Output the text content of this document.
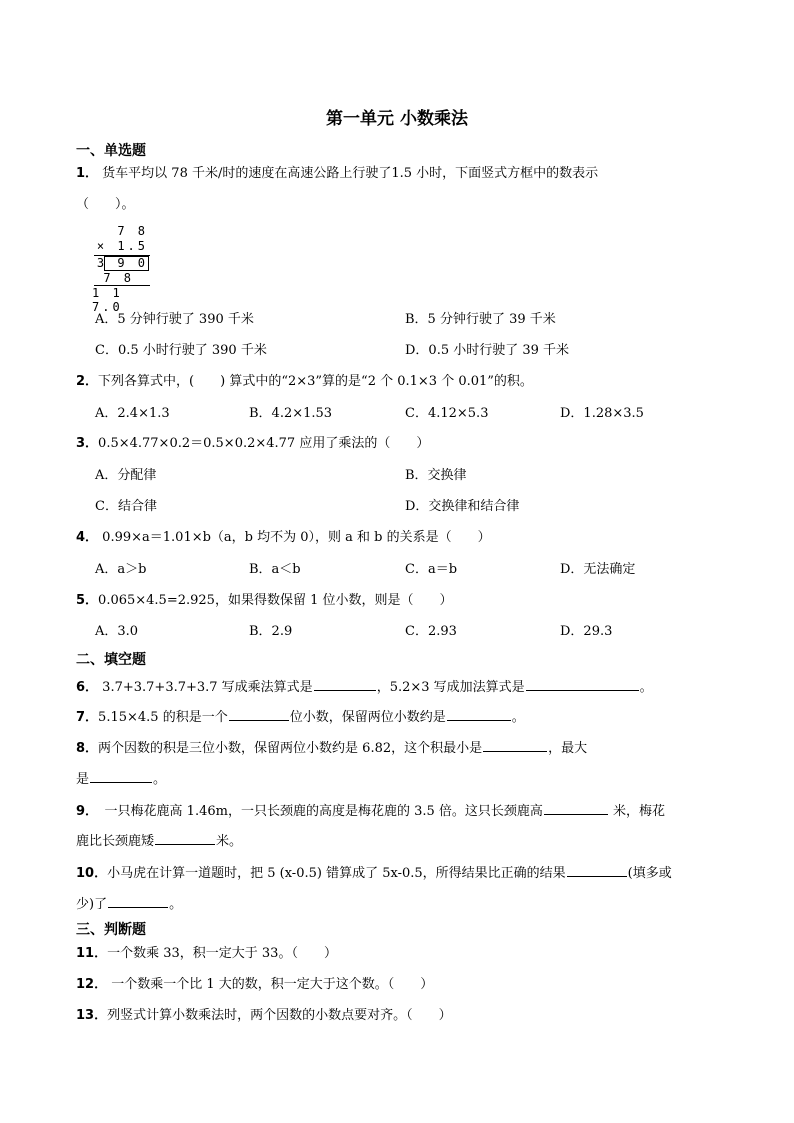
第一单元 小数乘法
一、单选题
1． 货车平均以 78 千米/时的速度在高速公路上行驶了1.5 小时，下面竖式方框中的数表示
（　　）。
7 8
× 1.5
3 9 0
7 8
1 1 7.0
A．5 分钟行驶了 390 千米	B．5 分钟行驶了 39 千米
C．0.5 小时行驶了 390 千米	D．0.5 小时行驶了 39 千米
2．下列各算式中，(　　) 算式中的“2×3”算的是“2 个 0.1×3 个 0.01”的积。
A．2.4×1.3	B．4.2×1.53	C．4.12×5.3	D．1.28×3.5
3．0.5×4.77×0.2＝0.5×0.2×4.77 应用了乘法的（　　）
A．分配律	B．交换律
C．结合律	D．交换律和结合律
4． 0.99×a＝1.01×b（a，b 均不为 0），则 a 和 b 的关系是（　　）
A．a＞b	B．a＜b	C．a＝b	D．无法确定
5．0.065×4.5=2.925，如果得数保留 1 位小数，则是（　　）
A．3.0	B．2.9	C．2.93	D．29.3
二、填空题
6． 3.7+3.7+3.7+3.7 写成乘法算式是	，5.2×3 写成加法算式是	。
7．5.15×4.5 的积是一个	位小数，保留两位小数约是	。
8．两个因数的积是三位小数，保留两位小数约是 6.82，这个积最小是	，最大
是	。
9．　一只梅花鹿高 1.46m，一只长颈鹿的高度是梅花鹿的 3.5 倍。这只长颈鹿高	米，梅花
鹿比长颈鹿矮	米。
10．小马虎在计算一道题时，把 5 (x-0.5) 错算成了 5x-0.5，所得结果比正确的结果	(填多或
少)了	。
三、判断题
11．一个数乘 33，积一定大于 33。（　　）
12． 一个数乘一个比 1 大的数，积一定大于这个数。（　　）
13．列竖式计算小数乘法时，两个因数的小数点要对齐。（　　）
